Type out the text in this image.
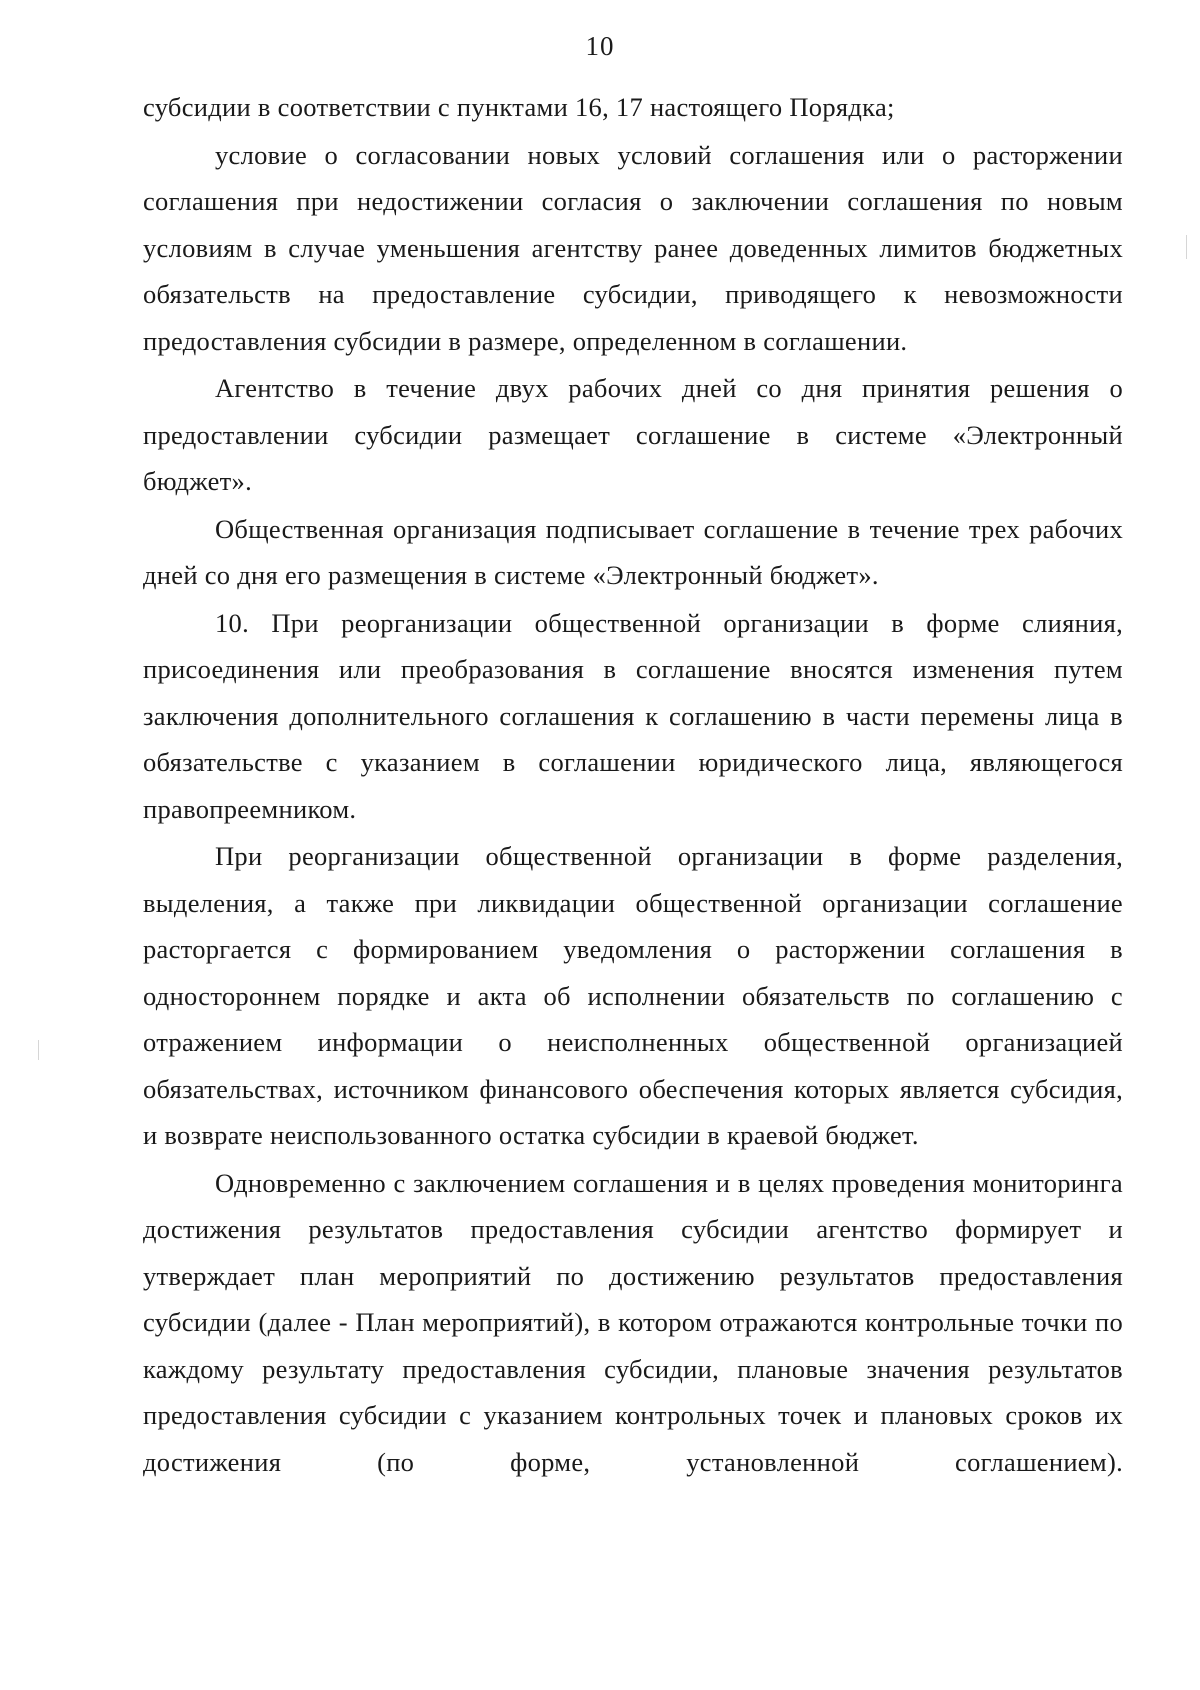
10

субсидии в соответствии с пунктами 16, 17 настоящего Порядка;

условие о согласовании новых условий соглашения или о расторжении соглашения при недостижении согласия о заключении соглашения по новым условиям в случае уменьшения агентству ранее доведенных лимитов бюджетных обязательств на предоставление субсидии, приводящего к невозможности предоставления субсидии в размере, определенном в соглашении.

Агентство в течение двух рабочих дней со дня принятия решения о предоставлении субсидии размещает соглашение в системе «Электронный бюджет».

Общественная организация подписывает соглашение в течение трех рабочих дней со дня его размещения в системе «Электронный бюджет».

10. При реорганизации общественной организации в форме слияния, присоединения или преобразования в соглашение вносятся изменения путем заключения дополнительного соглашения к соглашению в части перемены лица в обязательстве с указанием в соглашении юридического лица, являющегося правопреемником.

При реорганизации общественной организации в форме разделения, выделения, а также при ликвидации общественной организации соглашение расторгается с формированием уведомления о расторжении соглашения в одностороннем порядке и акта об исполнении обязательств по соглашению с отражением информации о неисполненных общественной организацией обязательствах, источником финансового обеспечения которых является субсидия, и возврате неиспользованного остатка субсидии в краевой бюджет.

Одновременно с заключением соглашения и в целях проведения мониторинга достижения результатов предоставления субсидии агентство формирует и утверждает план мероприятий по достижению результатов предоставления субсидии (далее - План мероприятий), в котором отражаются контрольные точки по каждому результату предоставления субсидии, плановые значения результатов предоставления субсидии с указанием контрольных точек и плановых сроков их достижения (по форме, установленной соглашением).
